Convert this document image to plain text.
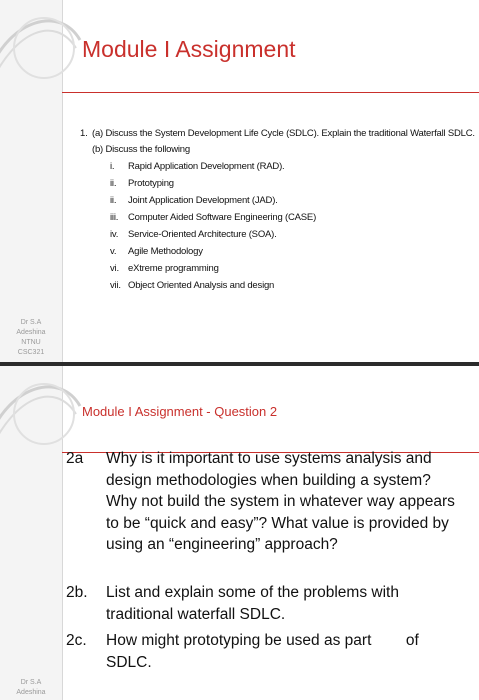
Module I Assignment
1. (a) Discuss the System Development Life Cycle (SDLC). Explain the traditional Waterfall SDLC.
(b) Discuss the following
i. Rapid Application Development (RAD).
ii. Prototyping
ii. Joint Application Development (JAD).
iii. Computer Aided Software Engineering (CASE)
iv. Service-Oriented Architecture (SOA).
v. Agile Methodology
vi. eXtreme programming
vii. Object Oriented Analysis and design
Dr S.A
Adeshina
NTNU
CSC321
Module I Assignment - Question 2
2a Why is it important to use systems analysis and design methodologies when building a system? Why not build the system in whatever way appears to be “quick and easy”? What value is provided by using an “engineering” approach?
2b. List and explain some of the problems with traditional waterfall SDLC.
2c. How might prototyping be used as part        of SDLC.
Dr S.A
Adeshina
